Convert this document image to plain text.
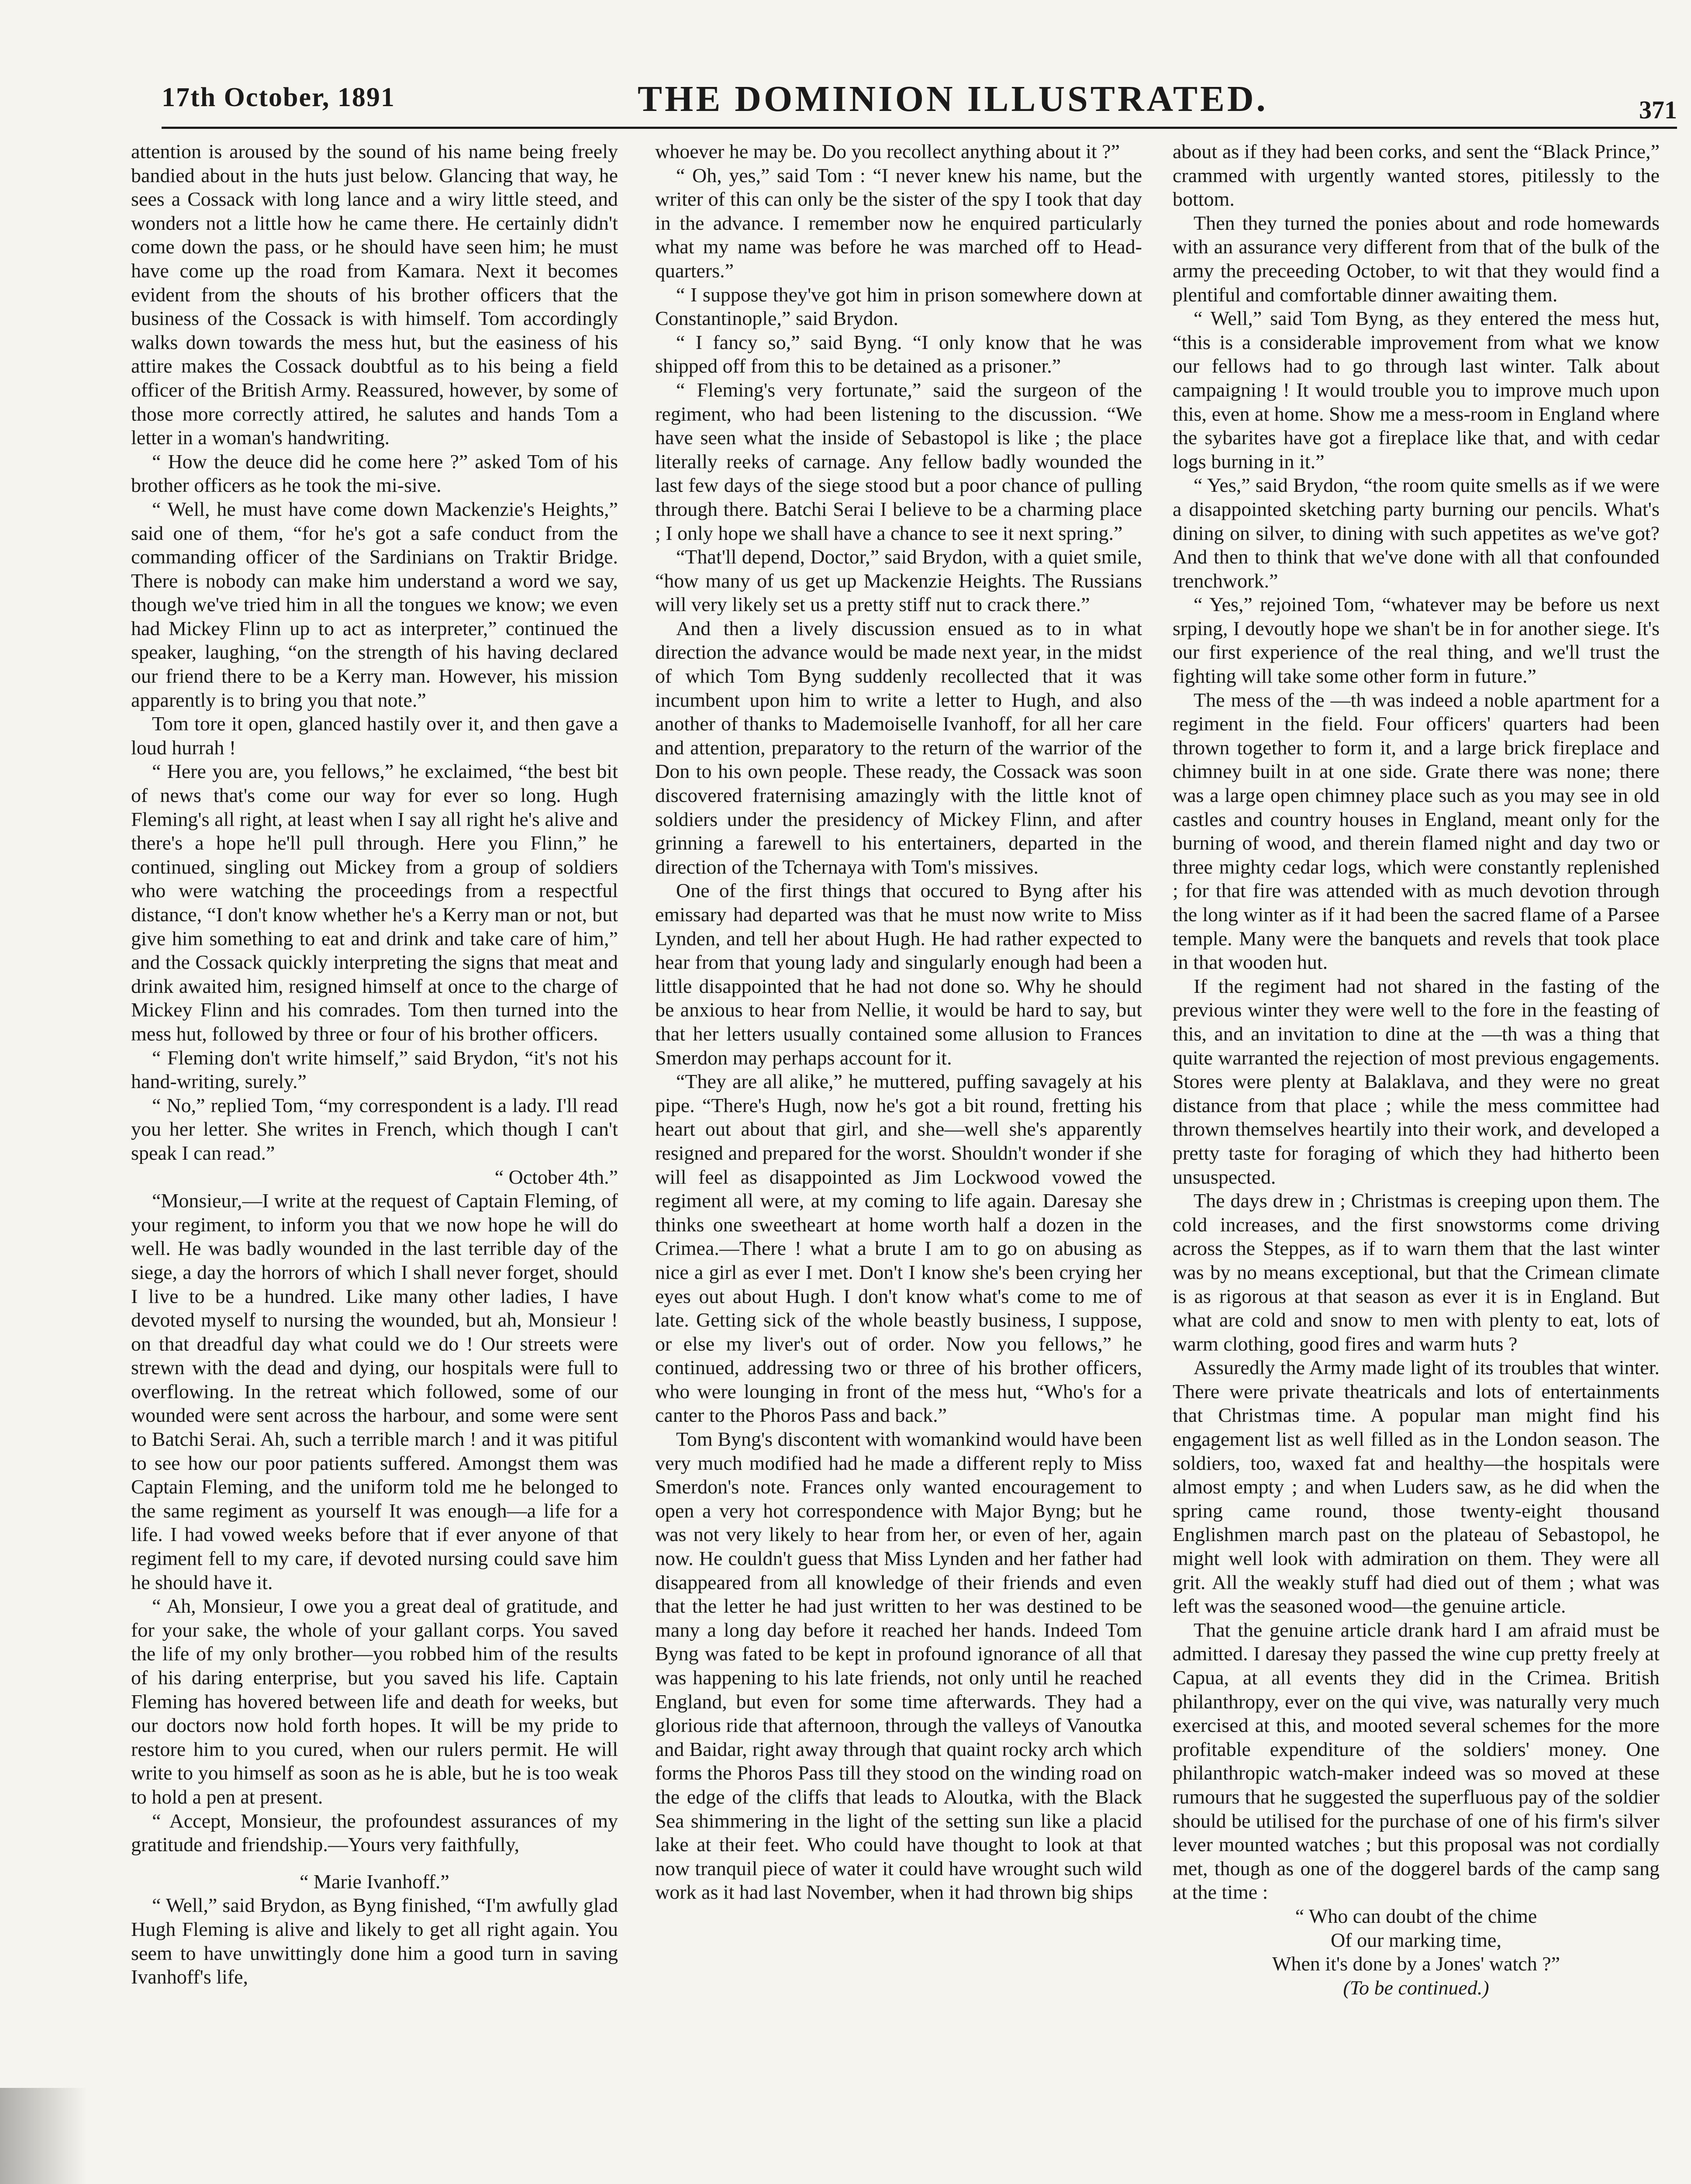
17th October, 1891	THE DOMINION ILLUSTRATED.	371

attention is aroused by the sound of his name being freely bandied about in the huts just below. Glancing that way, he sees a Cossack with long lance and a wiry little steed, and wonders not a little how he came there. He certainly didn't come down the pass, or he should have seen him; he must have come up the road from Kamara. Next it becomes evident from the shouts of his brother officers that the business of the Cossack is with himself. Tom accordingly walks down towards the mess hut, but the easiness of his attire makes the Cossack doubtful as to his being a field officer of the British Army. Reassured, however, by some of those more correctly attired, he salutes and hands Tom a letter in a woman's handwriting.

“ How the deuce did he come here ?” asked Tom of his brother officers as he took the mi-sive.

“ Well, he must have come down Mackenzie's Heights,” said one of them, “for he's got a safe conduct from the commanding officer of the Sardinians on Traktir Bridge. There is nobody can make him understand a word we say, though we've tried him in all the tongues we know; we even had Mickey Flinn up to act as interpreter,” continued the speaker, laughing, “on the strength of his having declared our friend there to be a Kerry man. However, his mission apparently is to bring you that note.”

Tom tore it open, glanced hastily over it, and then gave a loud hurrah !

“ Here you are, you fellows,” he exclaimed, “the best bit of news that's come our way for ever so long. Hugh Fleming's all right, at least when I say all right he's alive and there's a hope he'll pull through. Here you Flinn,” he continued, singling out Mickey from a group of soldiers who were watching the proceedings from a respectful distance, “I don't know whether he's a Kerry man or not, but give him something to eat and drink and take care of him,” and the Cossack quickly interpreting the signs that meat and drink awaited him, resigned himself at once to the charge of Mickey Flinn and his comrades. Tom then turned into the mess hut, followed by three or four of his brother officers.

“ Fleming don't write himself,” said Brydon, “it's not his hand-writing, surely.”

“ No,” replied Tom, “my correspondent is a lady. I'll read you her letter. She writes in French, which though I can't speak I can read.”

“ October 4th.”

“Monsieur,—I write at the request of Captain Fleming, of your regiment, to inform you that we now hope he will do well. He was badly wounded in the last terrible day of the siege, a day the horrors of which I shall never forget, should I live to be a hundred. Like many other ladies, I have devoted myself to nursing the wounded, but ah, Monsieur ! on that dreadful day what could we do ! Our streets were strewn with the dead and dying, our hospitals were full to overflowing. In the retreat which followed, some of our wounded were sent across the harbour, and some were sent to Batchi Serai. Ah, such a terrible march ! and it was pitiful to see how our poor patients suffered. Amongst them was Captain Fleming, and the uniform told me he belonged to the same regiment as yourself It was enough—a life for a life. I had vowed weeks before that if ever anyone of that regiment fell to my care, if devoted nursing could save him he should have it.

“ Ah, Monsieur, I owe you a great deal of gratitude, and for your sake, the whole of your gallant corps. You saved the life of my only brother—you robbed him of the results of his daring enterprise, but you saved his life. Captain Fleming has hovered between life and death for weeks, but our doctors now hold forth hopes. It will be my pride to restore him to you cured, when our rulers permit. He will write to you himself as soon as he is able, but he is too weak to hold a pen at present.

“ Accept, Monsieur, the profoundest assurances of my gratitude and friendship.—Yours very faithfully,

“ Marie Ivanhoff.”

“ Well,” said Brydon, as Byng finished, “I'm awfully glad Hugh Fleming is alive and likely to get all right again. You seem to have unwittingly done him a good turn in saving Ivanhoff's life,

whoever he may be. Do you recollect anything about it ?”

“ Oh, yes,” said Tom : “I never knew his name, but the writer of this can only be the sister of the spy I took that day in the advance. I remember now he enquired particularly what my name was before he was marched off to Head-quarters.”

“ I suppose they've got him in prison somewhere down at Constantinople,” said Brydon.

“ I fancy so,” said Byng. “I only know that he was shipped off from this to be detained as a prisoner.”

“ Fleming's very fortunate,” said the surgeon of the regiment, who had been listening to the discussion. “We have seen what the inside of Sebastopol is like ; the place literally reeks of carnage. Any fellow badly wounded the last few days of the siege stood but a poor chance of pulling through there. Batchi Serai I believe to be a charming place ; I only hope we shall have a chance to see it next spring.”

“That'll depend, Doctor,” said Brydon, with a quiet smile, “how many of us get up Mackenzie Heights. The Russians will very likely set us a pretty stiff nut to crack there.”

And then a lively discussion ensued as to in what direction the advance would be made next year, in the midst of which Tom Byng suddenly recollected that it was incumbent upon him to write a letter to Hugh, and also another of thanks to Mademoiselle Ivanhoff, for all her care and attention, preparatory to the return of the warrior of the Don to his own people. These ready, the Cossack was soon discovered fraternising amazingly with the little knot of soldiers under the presidency of Mickey Flinn, and after grinning a farewell to his entertainers, departed in the direction of the Tchernaya with Tom's missives.

One of the first things that occured to Byng after his emissary had departed was that he must now write to Miss Lynden, and tell her about Hugh. He had rather expected to hear from that young lady and singularly enough had been a little disappointed that he had not done so. Why he should be anxious to hear from Nellie, it would be hard to say, but that her letters usually contained some allusion to Frances Smerdon may perhaps account for it.

“They are all alike,” he muttered, puffing savagely at his pipe. “There's Hugh, now he's got a bit round, fretting his heart out about that girl, and she—well she's apparently resigned and prepared for the worst. Shouldn't wonder if she will feel as disappointed as Jim Lockwood vowed the regiment all were, at my coming to life again. Daresay she thinks one sweetheart at home worth half a dozen in the Crimea.—There ! what a brute I am to go on abusing as nice a girl as ever I met. Don't I know she's been crying her eyes out about Hugh. I don't know what's come to me of late. Getting sick of the whole beastly business, I suppose, or else my liver's out of order. Now you fellows,” he continued, addressing two or three of his brother officers, who were lounging in front of the mess hut, “Who's for a canter to the Phoros Pass and back.”

Tom Byng's discontent with womankind would have been very much modified had he made a different reply to Miss Smerdon's note. Frances only wanted encouragement to open a very hot correspondence with Major Byng; but he was not very likely to hear from her, or even of her, again now. He couldn't guess that Miss Lynden and her father had disappeared from all knowledge of their friends and even that the letter he had just written to her was destined to be many a long day before it reached her hands. Indeed Tom Byng was fated to be kept in profound ignorance of all that was happening to his late friends, not only until he reached England, but even for some time afterwards. They had a glorious ride that afternoon, through the valleys of Vanoutka and Baidar, right away through that quaint rocky arch which forms the Phoros Pass till they stood on the winding road on the edge of the cliffs that leads to Aloutka, with the Black Sea shimmering in the light of the setting sun like a placid lake at their feet. Who could have thought to look at that now tranquil piece of water it could have wrought such wild work as it had last November, when it had thrown big ships

about as if they had been corks, and sent the “Black Prince,” crammed with urgently wanted stores, pitilessly to the bottom.

Then they turned the ponies about and rode homewards with an assurance very different from that of the bulk of the army the preceeding October, to wit that they would find a plentiful and comfortable dinner awaiting them.

“ Well,” said Tom Byng, as they entered the mess hut, “this is a considerable improvement from what we know our fellows had to go through last winter. Talk about campaigning ! It would trouble you to improve much upon this, even at home. Show me a mess-room in England where the sybarites have got a fireplace like that, and with cedar logs burning in it.”

“ Yes,” said Brydon, “the room quite smells as if we were a disappointed sketching party burning our pencils. What's dining on silver, to dining with such appetites as we've got? And then to think that we've done with all that confounded trenchwork.”

“ Yes,” rejoined Tom, “whatever may be before us next srping, I devoutly hope we shan't be in for another siege. It's our first experience of the real thing, and we'll trust the fighting will take some other form in future.”

The mess of the —th was indeed a noble apartment for a regiment in the field. Four officers' quarters had been thrown together to form it, and a large brick fireplace and chimney built in at one side. Grate there was none; there was a large open chimney place such as you may see in old castles and country houses in England, meant only for the burning of wood, and therein flamed night and day two or three mighty cedar logs, which were constantly replenished ; for that fire was attended with as much devotion through the long winter as if it had been the sacred flame of a Parsee temple. Many were the banquets and revels that took place in that wooden hut.

If the regiment had not shared in the fasting of the previous winter they were well to the fore in the feasting of this, and an invitation to dine at the —th was a thing that quite warranted the rejection of most previous engagements. Stores were plenty at Balaklava, and they were no great distance from that place ; while the mess committee had thrown themselves heartily into their work, and developed a pretty taste for foraging of which they had hitherto been unsuspected.

The days drew in ; Christmas is creeping upon them. The cold increases, and the first snowstorms come driving across the Steppes, as if to warn them that the last winter was by no means exceptional, but that the Crimean climate is as rigorous at that season as ever it is in England. But what are cold and snow to men with plenty to eat, lots of warm clothing, good fires and warm huts ?

Assuredly the Army made light of its troubles that winter. There were private theatricals and lots of entertainments that Christmas time. A popular man might find his engagement list as well filled as in the London season. The soldiers, too, waxed fat and healthy—the hospitals were almost empty ; and when Luders saw, as he did when the spring came round, those twenty-eight thousand Englishmen march past on the plateau of Sebastopol, he might well look with admiration on them. They were all grit. All the weakly stuff had died out of them ; what was left was the seasoned wood—the genuine article.

That the genuine article drank hard I am afraid must be admitted. I daresay they passed the wine cup pretty freely at Capua, at all events they did in the Crimea. British philanthropy, ever on the qui vive, was naturally very much exercised at this, and mooted several schemes for the more profitable expenditure of the soldiers' money. One philanthropic watch-maker indeed was so moved at these rumours that he suggested the superfluous pay of the soldier should be utilised for the purchase of one of his firm's silver lever mounted watches ; but this proposal was not cordially met, though as one of the doggerel bards of the camp sang at the time :

“ Who can doubt of the chime

Of our marking time,

When it's done by a Jones' watch ?”

(To be continued.)
